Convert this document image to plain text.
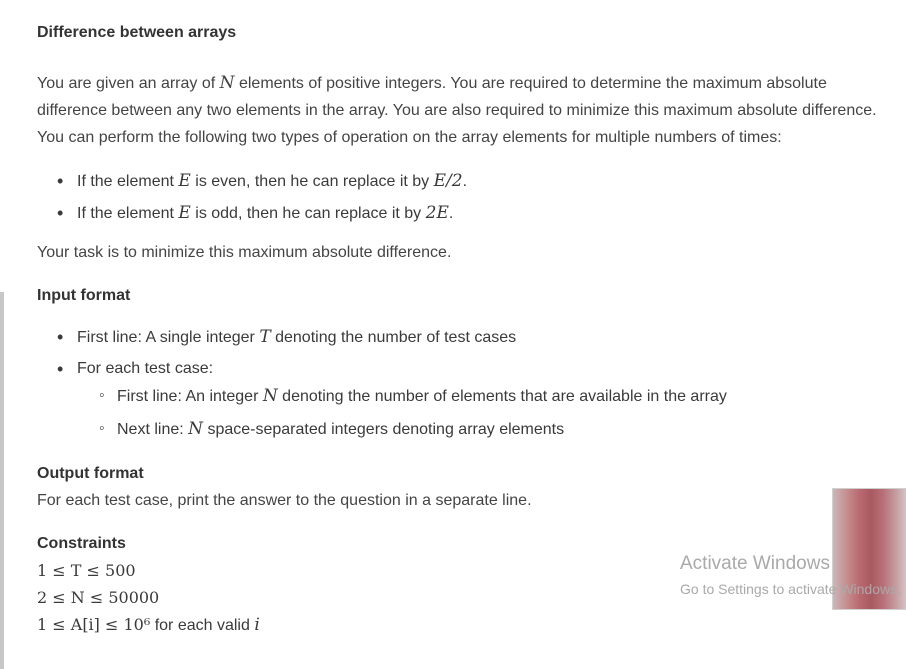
Difference between arrays

You are given an array of N elements of positive integers. You are required to determine the maximum absolute difference between any two elements in the array. You are also required to minimize this maximum absolute difference. You can perform the following two types of operation on the array elements for multiple numbers of times:

• If the element E is even, then he can replace it by E/2.
• If the element E is odd, then he can replace it by 2E.

Your task is to minimize this maximum absolute difference.

Input format

• First line: A single integer T denoting the number of test cases
• For each test case:
◦ First line: An integer N denoting the number of elements that are available in the array
◦ Next line: N space-separated integers denoting array elements

Output format

For each test case, print the answer to the question in a separate line.

Constraints

1 ≤ T ≤ 500
2 ≤ N ≤ 50000
1 ≤ A[i] ≤ 10⁶ for each valid i
Activate Windows
Go to Settings to activate Windows.
